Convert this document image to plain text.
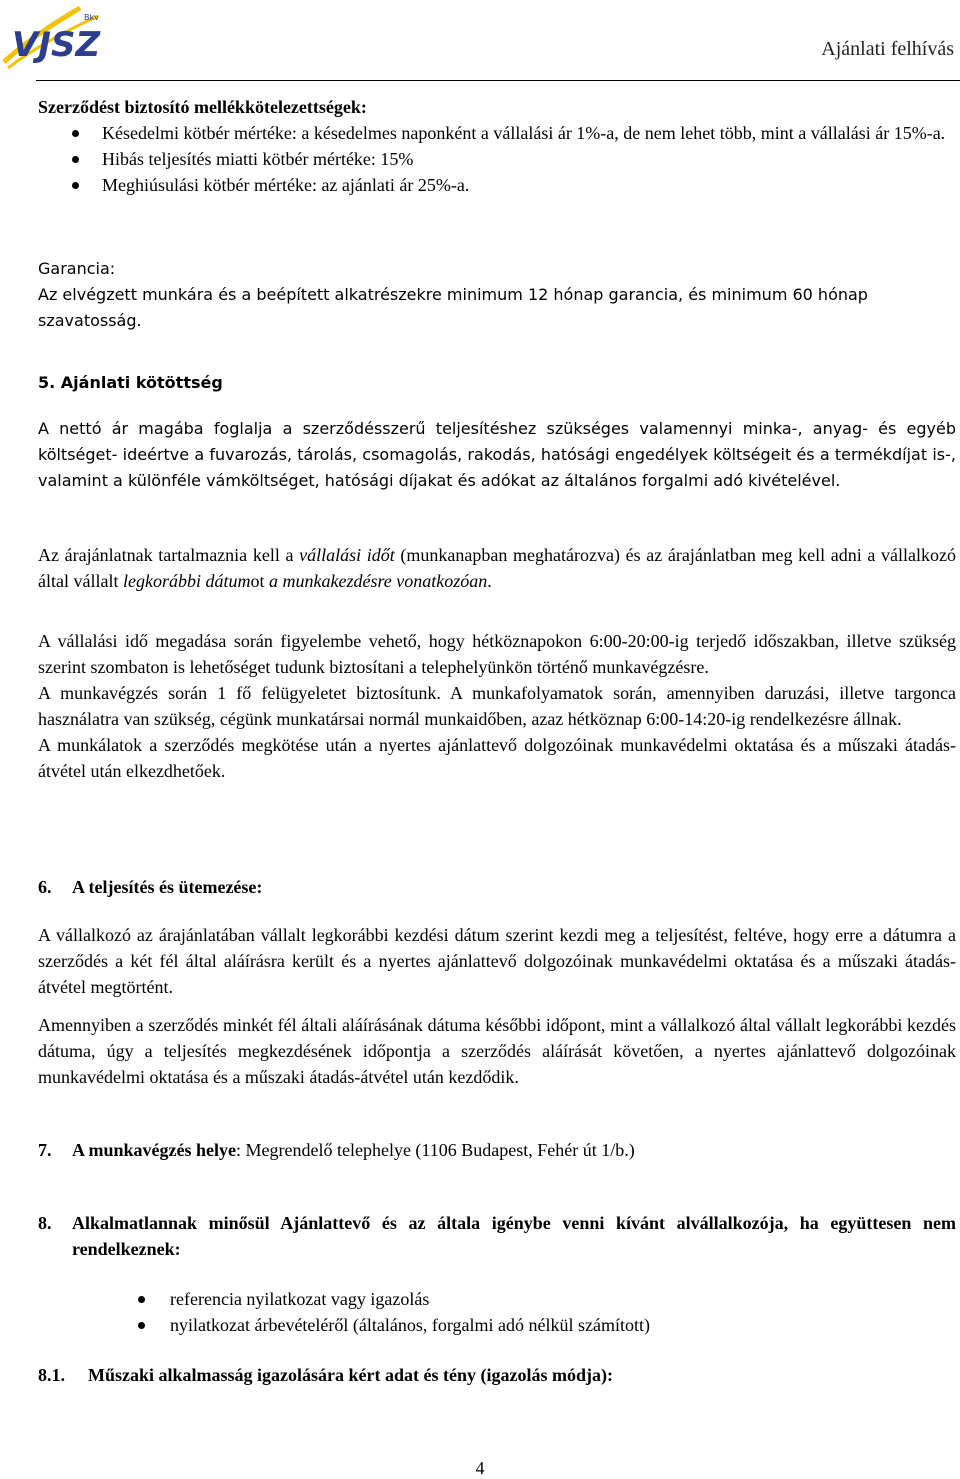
VJSZ
Bkv
Ajánlati felhívás
Szerződést biztosító mellékkötelezettségek:
Késedelmi kötbér mértéke: a késedelmes naponként a vállalási ár 1%-a, de nem lehet több, mint a vállalási ár 15%-a.
Hibás teljesítés miatti kötbér mértéke: 15%
Meghiúsulási kötbér mértéke: az ajánlati ár 25%-a.
Garancia:
Az elvégzett munkára és a beépített alkatrészekre minimum 12 hónap garancia, és minimum 60 hónap szavatosság.
5. Ajánlati kötöttség
A nettó ár magába foglalja a szerződésszerű teljesítéshez szükséges valamennyi minka-, anyag- és egyéb költséget- ideértve a fuvarozás, tárolás, csomagolás, rakodás, hatósági engedélyek költségeit és a termékdíjat is-, valamint a különféle vámköltséget, hatósági díjakat és adókat az általános forgalmi adó kivételével.
Az árajánlatnak tartalmaznia kell a vállalási időt (munkanapban meghatározva) és az árajánlatban meg kell adni a vállalkozó által vállalt legkorábbi dátumot a munkakezdésre vonatkozóan.
A vállalási idő megadása során figyelembe vehető, hogy hétköznapokon 6:00-20:00-ig terjedő időszakban, illetve szükség szerint szombaton is lehetőséget tudunk biztosítani a telephelyünkön történő munkavégzésre.
A munkavégzés során 1 fő felügyeletet biztosítunk. A munkafolyamatok során, amennyiben daruzási, illetve targonca használatra van szükség, cégünk munkatársai normál munkaidőben, azaz hétköznap 6:00-14:20-ig rendelkezésre állnak.
A munkálatok a szerződés megkötése után a nyertes ajánlattevő dolgozóinak munkavédelmi oktatása és a műszaki átadás-átvétel után elkezdhetőek.
6.	A teljesítés és ütemezése:
A vállalkozó az árajánlatában vállalt legkorábbi kezdési dátum szerint kezdi meg a teljesítést, feltéve, hogy erre a dátumra a szerződés a két fél által aláírásra került és a nyertes ajánlattevő dolgozóinak munkavédelmi oktatása és a műszaki átadás-átvétel megtörtént.
Amennyiben a szerződés minkét fél általi aláírásának dátuma későbbi időpont, mint a vállalkozó által vállalt legkorábbi kezdés dátuma, úgy a teljesítés megkezdésének időpontja a szerződés aláírását követően, a nyertes ajánlattevő dolgozóinak munkavédelmi oktatása és a műszaki átadás-átvétel után kezdődik.
7.	A munkavégzés helye: Megrendelő telephelye (1106 Budapest, Fehér út 1/b.)
8.	Alkalmatlannak minősül Ajánlattevő és az általa igénybe venni kívánt alvállalkozója, ha együttesen nem rendelkeznek:
referencia nyilatkozat vagy igazolás
nyilatkozat árbevételéről (általános, forgalmi adó nélkül számított)
8.1.	Műszaki alkalmasság igazolására kért adat és tény (igazolás módja):
4
